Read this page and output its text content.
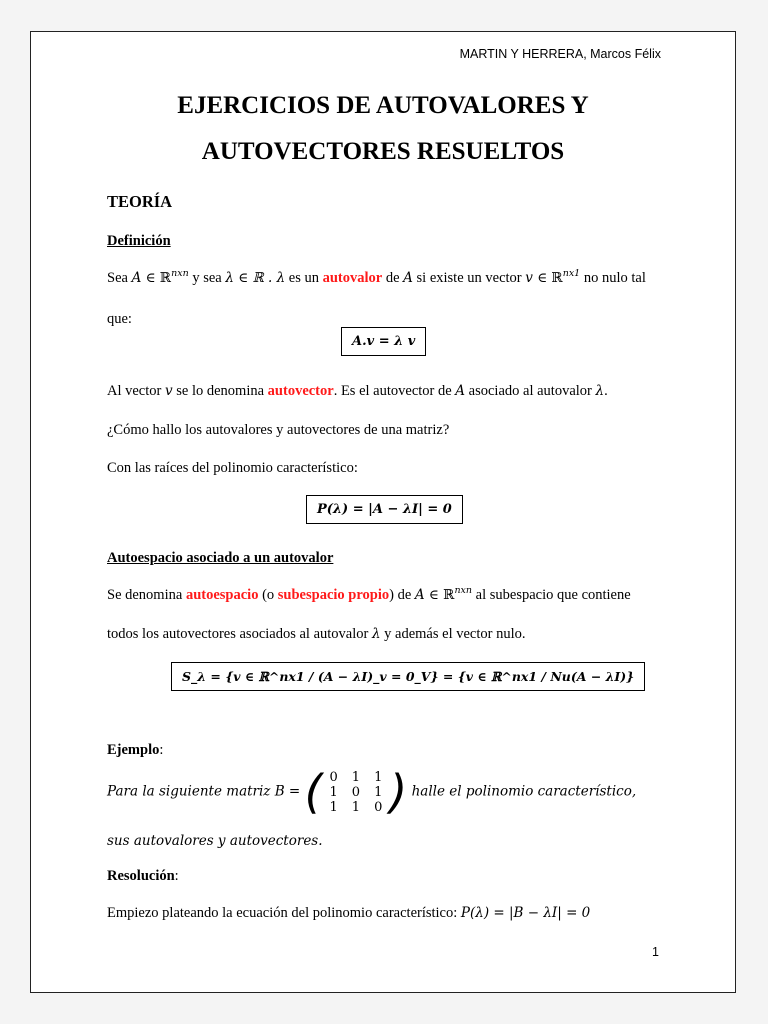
MARTIN Y HERRERA, Marcos Félix
EJERCICIOS DE AUTOVALORES Y
AUTOVECTORES RESUELTOS
TEORÍA
Definición
Sea A ∈ ℝ$^{nxn}$ y sea λ ∈ ℝ . λ es un autovalor de A si existe un vector v ∈ ℝ$^{nx1}$ no nulo tal
que:
A.v = λ v
Al vector v se lo denomina autovector. Es el autovector de A asociado al autovalor λ.
¿Cómo hallo los autovalores y autovectores de una matriz?
Con las raíces del polinomio característico:
P(λ) = |A − λI| = 0
Autoespacio asociado a un autovalor
Se denomina autoespacio (o subespacio propio) de A ∈ ℝ$^{nxn}$ al subespacio que contiene
todos los autovectores asociados al autovalor λ y además el vector nulo.
S_λ = {v ∈ ℝ^nx1 / (A − λI)_v = 0_V} = {v ∈ ℝ^nx1 / Nu(A − λI)}
Ejemplo:
Para la siguiente matriz B = ( 0	1	1
1	0	1
1	1	0 ) halle el polinomio característico,
sus autovalores y autovectores.
Resolución:
Empiezo plateando la ecuación del polinomio característico: P(λ) = |B − λI| = 0
1
